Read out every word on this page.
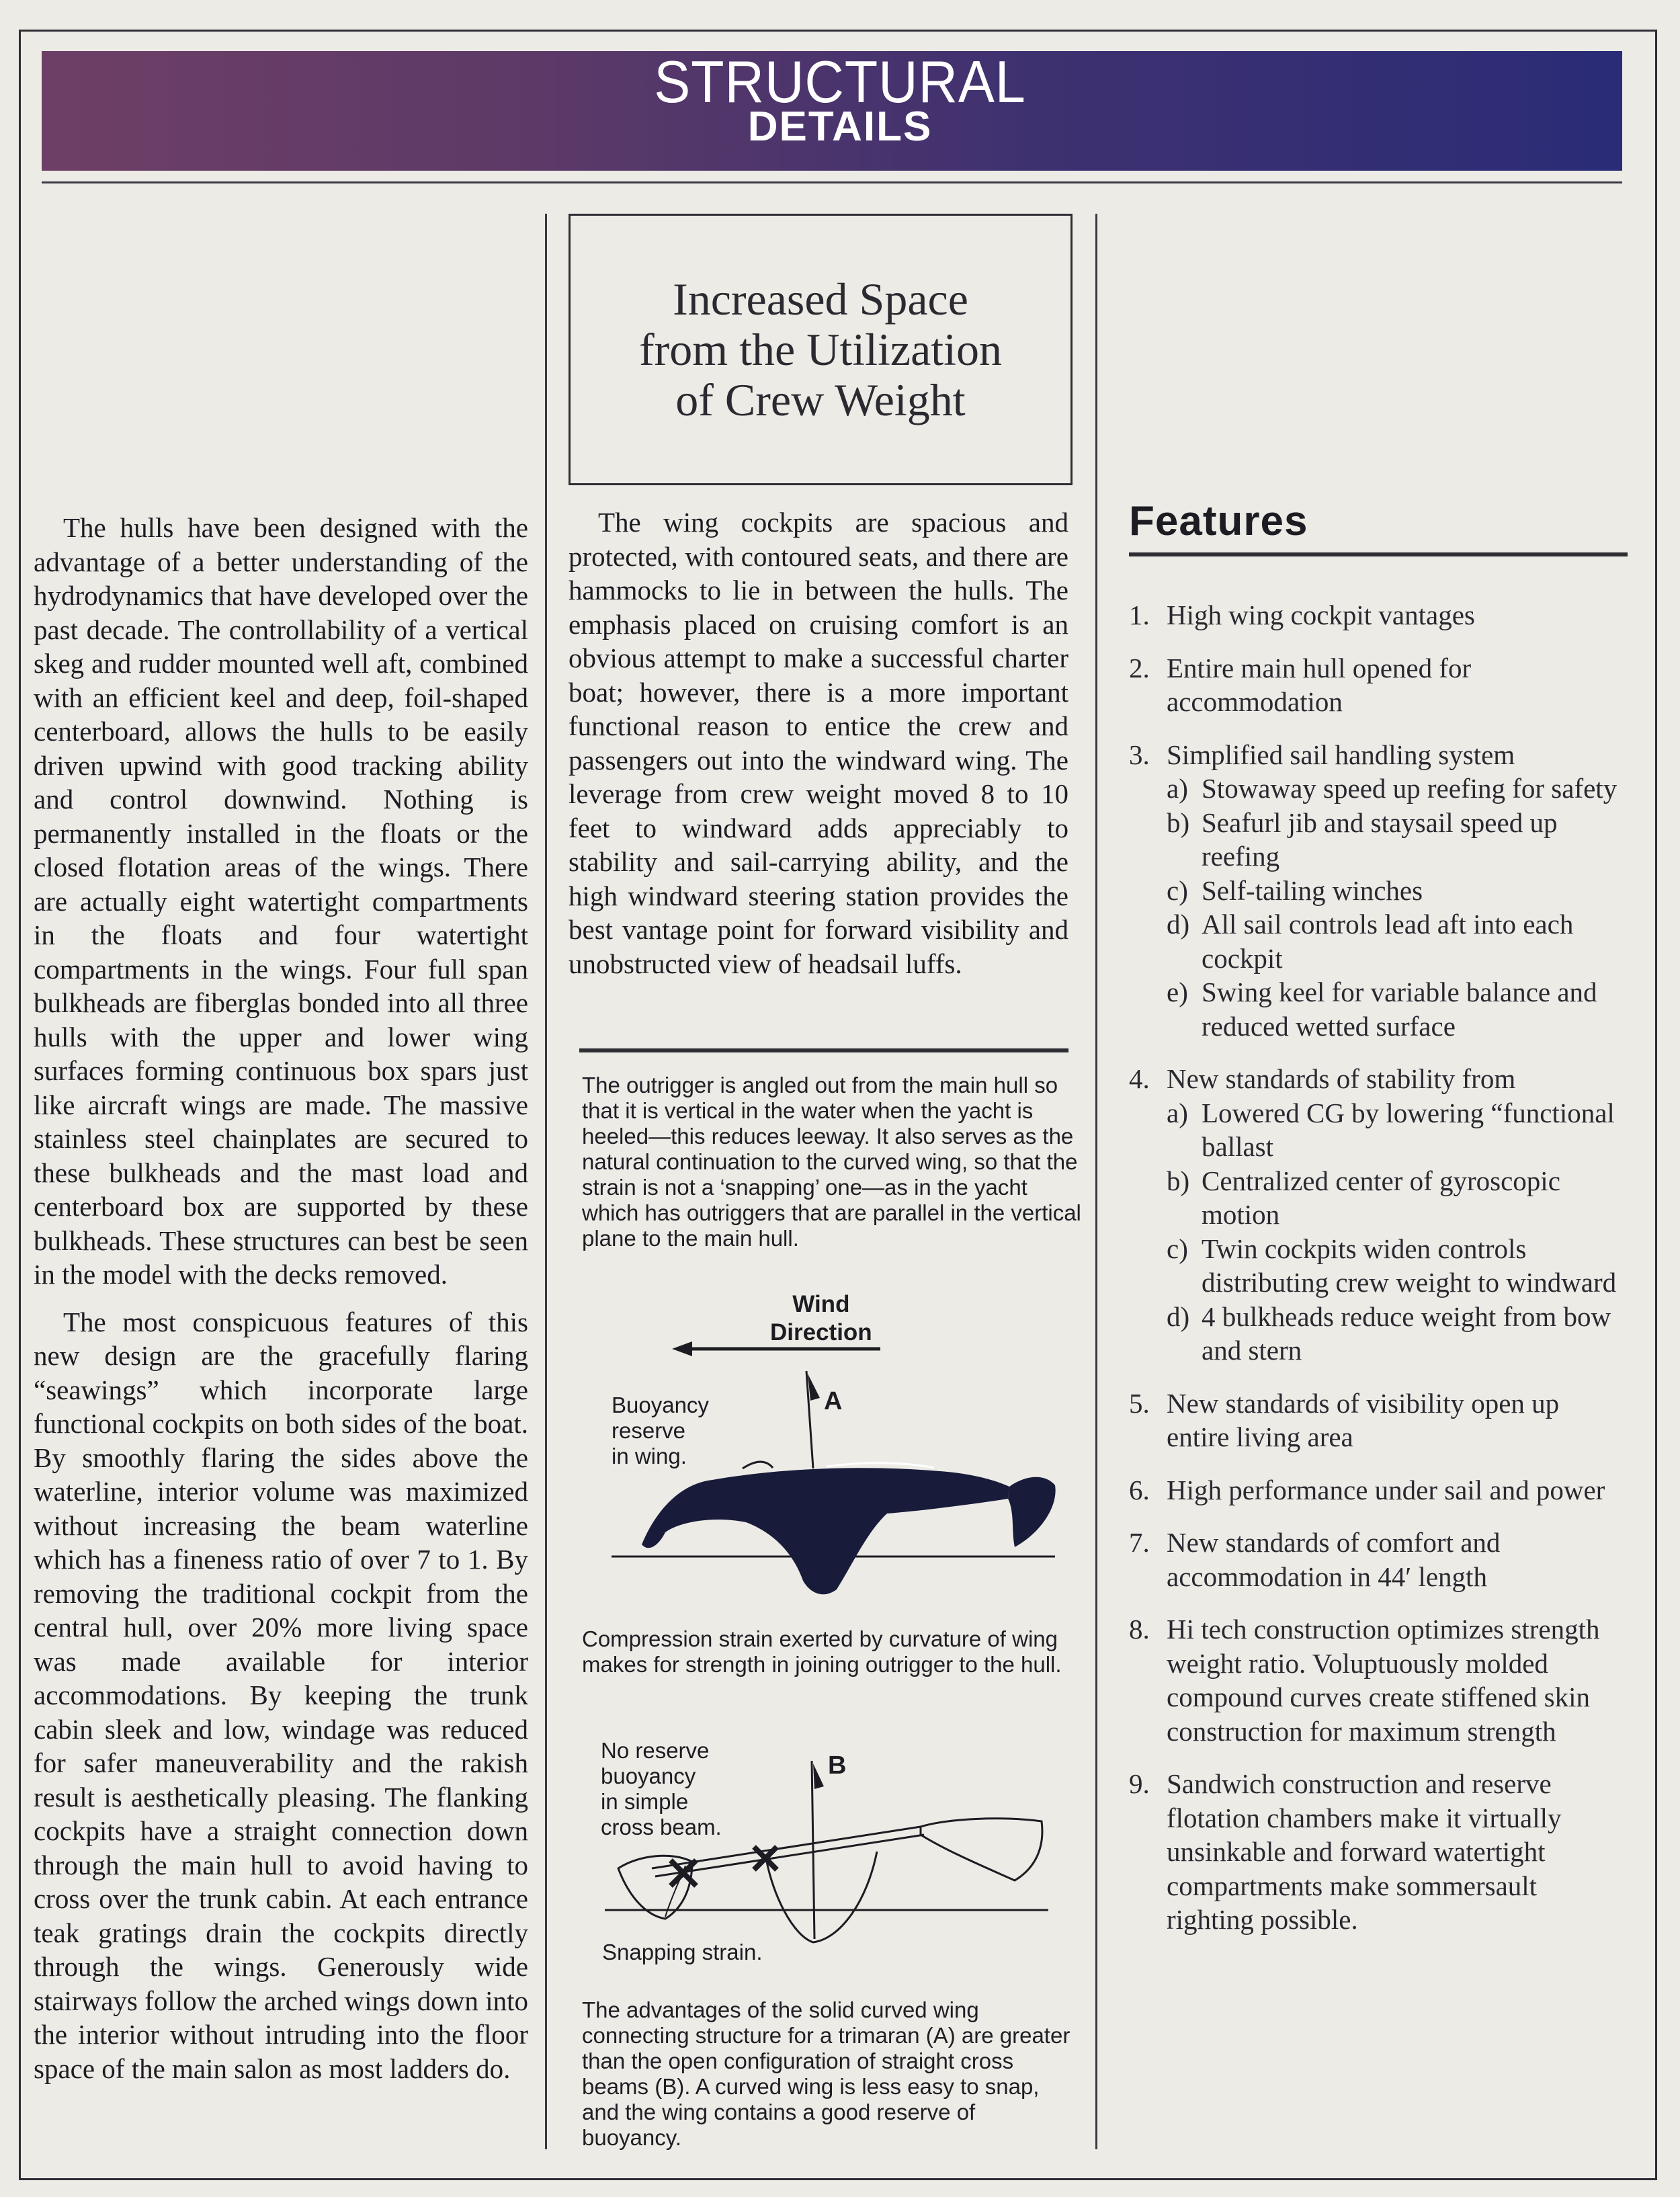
STRUCTURAL
DETAILS

The hulls have been designed with the advantage of a better understanding of the hydrodynamics that have developed over the past decade. The controllability of a vertical skeg and rudder mounted well aft, combined with an efficient keel and deep, foil-shaped centerboard, allows the hulls to be easily driven upwind with good tracking ability and control downwind. Nothing is permanently installed in the floats or the closed flotation areas of the wings. There are actually eight watertight compartments in the floats and four watertight compartments in the wings. Four full span bulkheads are fiberglas bonded into all three hulls with the upper and lower wing surfaces forming continuous box spars just like aircraft wings are made. The massive stainless steel chainplates are secured to these bulkheads and the mast load and centerboard box are supported by these bulkheads. These structures can best be seen in the model with the decks removed.

The most conspicuous features of this new design are the gracefully flaring “seawings” which incorporate large functional cockpits on both sides of the boat. By smoothly flaring the sides above the waterline, interior volume was maximized without increasing the beam waterline which has a fineness ratio of over 7 to 1. By removing the traditional cockpit from the central hull, over 20% more living space was made available for interior accommodations. By keeping the trunk cabin sleek and low, windage was reduced for safer maneuverability and the rakish result is aesthetically pleasing. The flanking cockpits have a straight connection down through the main hull to avoid having to cross over the trunk cabin. At each entrance teak gratings drain the cockpits directly through the wings. Generously wide stairways follow the arched wings down into the interior without intruding into the floor space of the main salon as most ladders do.

Increased Space
from the Utilization
of Crew Weight

The wing cockpits are spacious and protected, with contoured seats, and there are hammocks to lie in between the hulls. The emphasis placed on cruising comfort is an obvious attempt to make a successful charter boat; however, there is a more important functional reason to entice the crew and passengers out into the windward wing. The leverage from crew weight moved 8 to 10 feet to windward adds appreciably to stability and sail-carrying ability, and the high windward steering station provides the best vantage point for forward visibility and unobstructed view of headsail luffs.

The outrigger is angled out from the main hull so that it is vertical in the water when the yacht is heeled—this reduces leeway. It also serves as the natural continuation to the curved wing, so that the strain is not a ‘snapping’ one—as in the yacht which has outriggers that are parallel in the vertical plane to the main hull.
Wind
Direction
Buoyancy
reserve
in wing.
A
Compression strain exerted by curvature of wing makes for strength in joining outrigger to the hull.
No reserve
buoyancy
in simple
cross beam.
B
Snapping strain.
The advantages of the solid curved wing connecting structure for a trimaran (A) are greater than the open configuration of straight cross beams (B). A curved wing is less easy to snap, and the wing contains a good reserve of buoyancy.
Features
1. High wing cockpit vantages
2. Entire main hull opened for accommodation
3. Simplified sail handling system
a) Stowaway speed up reefing for safety
b) Seafurl jib and staysail speed up reefing
c) Self-tailing winches
d) All sail controls lead aft into each cockpit
e) Swing keel for variable balance and reduced wetted surface
4. New standards of stability from
a) Lowered CG by lowering “functional ballast
b) Centralized center of gyroscopic motion
c) Twin cockpits widen controls distributing crew weight to windward
d) 4 bulkheads reduce weight from bow and stern
5. New standards of visibility open up entire living area
6. High performance under sail and power
7. New standards of comfort and accommodation in 44′ length
8. Hi tech construction optimizes strength weight ratio. Voluptuously molded compound curves create stiffened skin construction for maximum strength
9. Sandwich construction and reserve flotation chambers make it virtually unsinkable and forward watertight compartments make sommersault righting possible.
